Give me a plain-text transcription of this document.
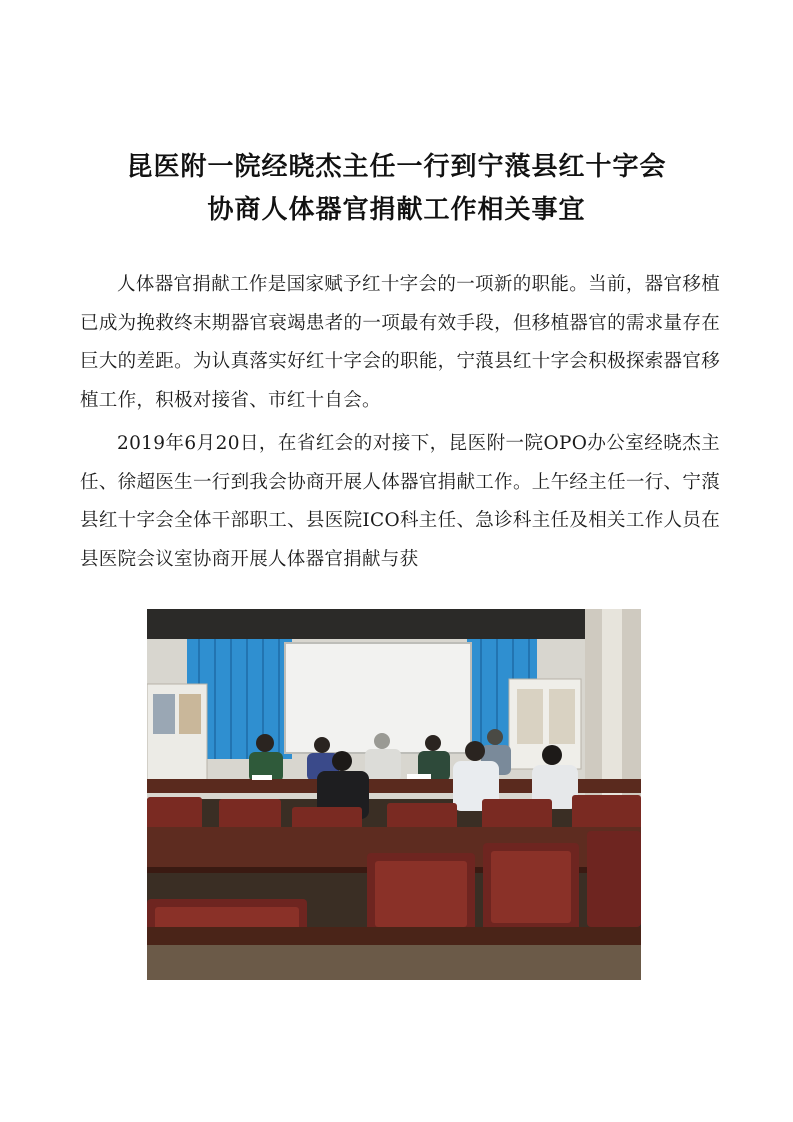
昆医附一院经晓杰主任一行到宁蒗县红十字会
协商人体器官捐献工作相关事宜

人体器官捐献工作是国家赋予红十字会的一项新的职能。当前，器官移植已成为挽救终末期器官衰竭患者的一项最有效手段，但移植器官的需求量存在巨大的差距。为认真落实好红十字会的职能，宁蒗县红十字会积极探索器官移植工作，积极对接省、市红十自会。

2019年6月20日，在省红会的对接下，昆医附一院OPO办公室经晓杰主任、徐超医生一行到我会协商开展人体器官捐献工作。上午经主任一行、宁蒗县红十字会全体干部职工、县医院ICO科主任、急诊科主任及相关工作人员在县医院会议室协商开展人体器官捐献与获
